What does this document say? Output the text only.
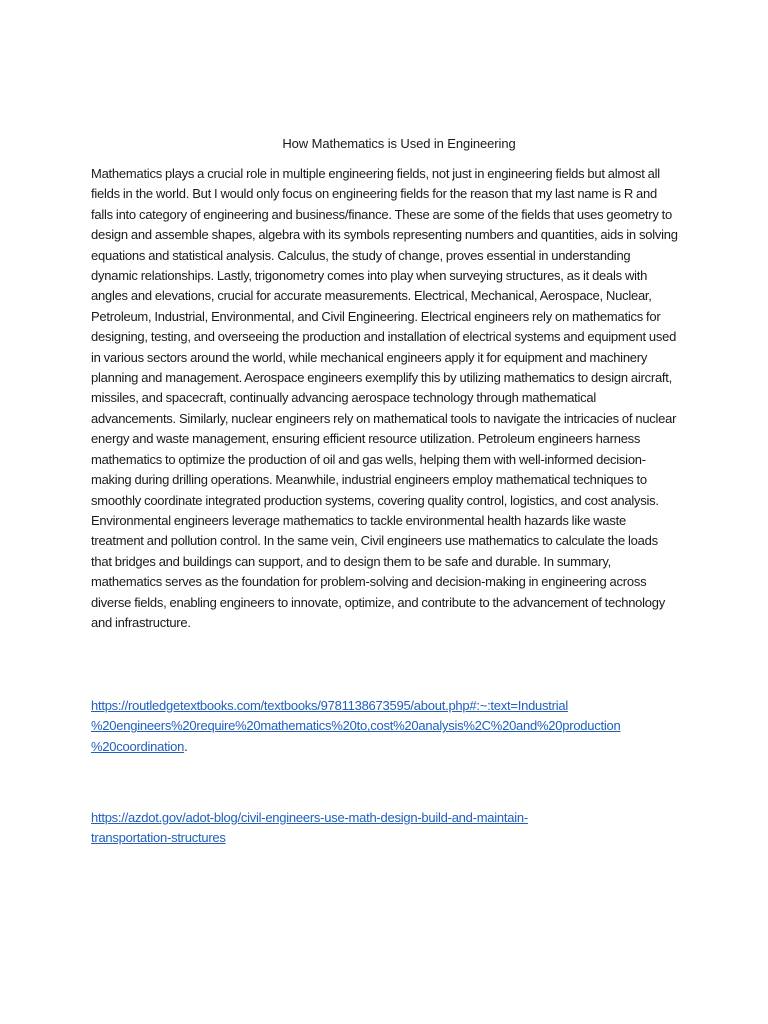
How Mathematics is Used in Engineering

Mathematics plays a crucial role in multiple engineering fields, not just in engineering fields but almost all fields in the world. But I would only focus on engineering fields for the reason that my last name is R and falls into category of engineering and business/finance. These are some of the fields that uses geometry to design and assemble shapes, algebra with its symbols representing numbers and quantities, aids in solving equations and statistical analysis. Calculus, the study of change, proves essential in understanding dynamic relationships. Lastly, trigonometry comes into play when surveying structures, as it deals with angles and elevations, crucial for accurate measurements. Electrical, Mechanical, Aerospace, Nuclear, Petroleum, Industrial, Environmental, and Civil Engineering. Electrical engineers rely on mathematics for designing, testing, and overseeing the production and installation of electrical systems and equipment used in various sectors around the world, while mechanical engineers apply it for equipment and machinery planning and management. Aerospace engineers exemplify this by utilizing mathematics to design aircraft, missiles, and spacecraft, continually advancing aerospace technology through mathematical advancements. Similarly, nuclear engineers rely on mathematical tools to navigate the intricacies of nuclear energy and waste management, ensuring efficient resource utilization. Petroleum engineers harness mathematics to optimize the production of oil and gas wells, helping them with well-informed decision-making during drilling operations. Meanwhile, industrial engineers employ mathematical techniques to smoothly coordinate integrated production systems, covering quality control, logistics, and cost analysis. Environmental engineers leverage mathematics to tackle environmental health hazards like waste treatment and pollution control. In the same vein, Civil engineers use mathematics to calculate the loads that bridges and buildings can support, and to design them to be safe and durable. In summary, mathematics serves as the foundation for problem-solving and decision-making in engineering across diverse fields, enabling engineers to innovate, optimize, and contribute to the advancement of technology and infrastructure.

https://routledgetextbooks.com/textbooks/9781138673595/about.php#:~:text=Industrial
%20engineers%20require%20mathematics%20to,cost%20analysis%2C%20and%20production
%20coordination.
https://azdot.gov/adot-blog/civil-engineers-use-math-design-build-and-maintain-
transportation-structures
